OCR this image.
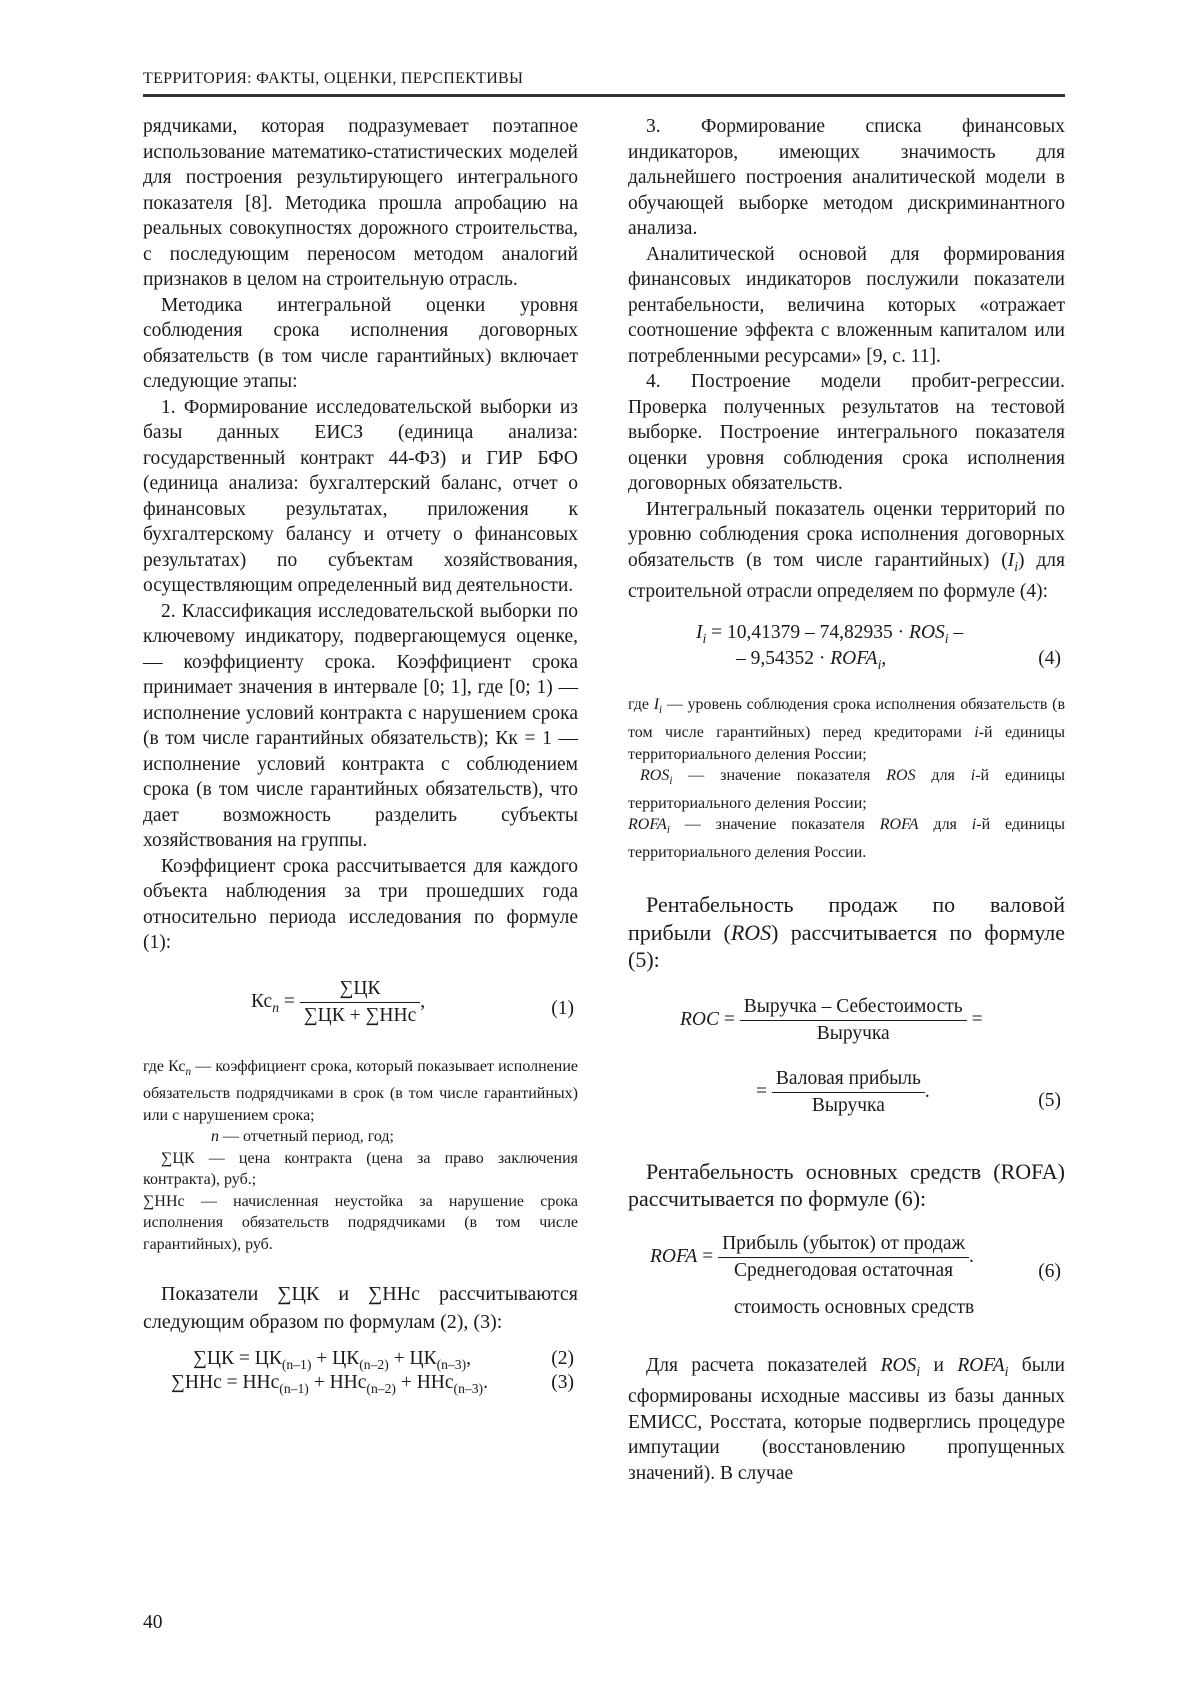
ТЕРРИТОРИЯ: ФАКТЫ, ОЦЕНКИ, ПЕРСПЕКТИВЫ

рядчиками, которая подразумевает поэтапное использование математико-статистических моделей для построения результирующего интегрального показателя [8]. Методика прошла апробацию на реальных совокупностях дорожного строительства, с последующим переносом методом аналогий признаков в целом на строительную отрасль.

Методика интегральной оценки уровня соблюдения срока исполнения договорных обязательств (в том числе гарантийных) включает следующие этапы:

1. Формирование исследовательской выборки из базы данных ЕИСЗ (единица анализа: государственный контракт 44-ФЗ) и ГИР БФО (единица анализа: бухгалтерский баланс, отчет о финансовых результатах, приложения к бухгалтерскому балансу и отчету о финансовых результатах) по субъектам хозяйствования, осуществляющим определенный вид деятельности.

2. Классификация исследовательской выборки по ключевому индикатору, подвергающемуся оценке, — коэффициенту срока. Коэффициент срока принимает значения в интервале [0; 1], где [0; 1) — исполнение условий контракта с нарушением срока (в том числе гарантийных обязательств); Кк = 1 — исполнение условий контракта с соблюдением срока (в том числе гарантийных обязательств), что дает возможность разделить субъекты хозяйствования на группы.

Коэффициент срока рассчитывается для каждого объекта наблюдения за три прошедших года относительно периода исследования по формуле (1):

$Кс_n = \frac{\sum ЦК}{\text{∑ЦК + ∑ННс}}$ ,	(1)
где $Кс_n$ — коэффициент срока, который показывает исполнение обязательств подрядчиками в срок (в том числе гарантийных) или с нарушением срока;
n — отчетный период, год;
∑ЦК — цена контракта (цена за право заключения контракта), руб.;
∑ННс — начисленная неустойка за нарушение срока исполнения обязательств подрядчиками (в том числе гарантийных), руб.

Показатели ∑ЦК и ∑ННс рассчитываются следующим образом по формулам (2), (3):

$\sum ЦК = ЦК_{(n-1)} + ЦК_{(n-2)} + ЦК_{(n-3)}$,	(2)
∑ННс = ННс$_{(n-1)}$ + ННс$_{(n-2)}$ + ННс$_{(n-3)}$.	(3)

3. Формирование списка финансовых индикаторов, имеющих значимость для дальнейшего построения аналитической модели в обучающей выборке методом дискриминантного анализа.

Аналитической основой для формирования финансовых индикаторов послужили показатели рентабельности, величина которых «отражает соотношение эффекта с вложенным капиталом или потребленными ресурсами» [9, с. 11].

4. Построение модели пробит-регрессии. Проверка полученных результатов на тестовой выборке. Построение интегрального показателя оценки уровня соблюдения срока исполнения договорных обязательств.

Интегральный показатель оценки территорий по уровню соблюдения срока исполнения договорных обязательств (в том числе гарантийных) $(I_i)$ для строительной отрасли определяем по формуле (4):

$I_i = 10,41379 - 74,82935 \cdot ROS_i$ –
– $9,54352 \cdot ROFA_i$,	(4)
где $I_i$ — уровень соблюдения срока исполнения обязательств (в том числе гарантийных) перед кредиторами i-й единицы территориального деления России;
$ROS_i$ — значение показателя ROS для i-й единицы территориального деления России;
$ROFA_i$ — значение показателя ROFA для i-й единицы территориального деления России.

Рентабельность продаж по валовой прибыли (ROS) рассчитывается по формуле (5):

ROC = $\frac{\text{Выручка – Себестоимость}}{\text{Выручка}}$ =
= $\frac{\text{Валовая прибыль}}{\text{Выручка}}$ .	(5)

Рентабельность основных средств (ROFA) рассчитывается по формуле (6):

ROFA = $\frac{\text{Прибыль (убыток) от продаж}}{\text{Среднегодовая остаточная}}$ .
стоимость основных средств
(6)

Для расчета показателей $ROS_i$ и $ROFA_i$ были сформированы исходные массивы из базы данных ЕМИСС, Росстата, которые подверглись процедуре импутации (восстановлению пропущенных значений). В случае

40
